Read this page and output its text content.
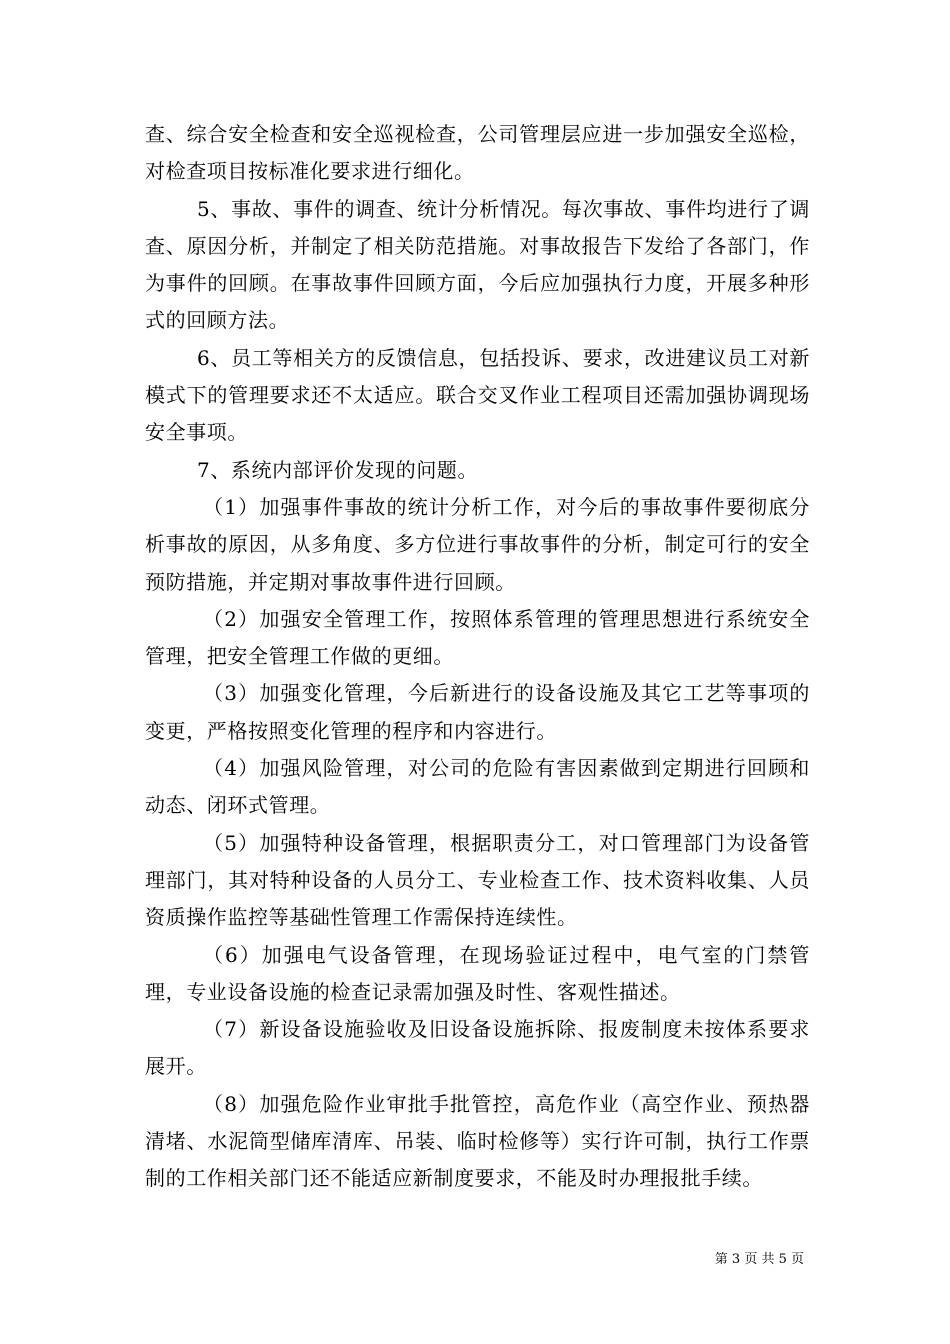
查、综合安全检查和安全巡视检查，公司管理层应进一步加强安全巡检，对检查项目按标准化要求进行细化。

5、事故、事件的调查、统计分析情况。每次事故、事件均进行了调查、原因分析，并制定了相关防范措施。对事故报告下发给了各部门，作为事件的回顾。在事故事件回顾方面，今后应加强执行力度，开展多种形式的回顾方法。

6、员工等相关方的反馈信息，包括投诉、要求，改进建议员工对新模式下的管理要求还不太适应。联合交叉作业工程项目还需加强协调现场安全事项。

7、系统内部评价发现的问题。

（1）加强事件事故的统计分析工作，对今后的事故事件要彻底分析事故的原因，从多角度、多方位进行事故事件的分析，制定可行的安全预防措施，并定期对事故事件进行回顾。

（2）加强安全管理工作，按照体系管理的管理思想进行系统安全管理，把安全管理工作做的更细。

（3）加强变化管理，今后新进行的设备设施及其它工艺等事项的变更，严格按照变化管理的程序和内容进行。

（4）加强风险管理，对公司的危险有害因素做到定期进行回顾和动态、闭环式管理。

（5）加强特种设备管理，根据职责分工，对口管理部门为设备管理部门，其对特种设备的人员分工、专业检查工作、技术资料收集、人员资质操作监控等基础性管理工作需保持连续性。

（6）加强电气设备管理，在现场验证过程中，电气室的门禁管理，专业设备设施的检查记录需加强及时性、客观性描述。

（7）新设备设施验收及旧设备设施拆除、报废制度未按体系要求展开。

（8）加强危险作业审批手批管控，高危作业（高空作业、预热器清堵、水泥筒型储库清库、吊装、临时检修等）实行许可制，执行工作票制的工作相关部门还不能适应新制度要求，不能及时办理报批手续。

第 3 页 共 5 页
